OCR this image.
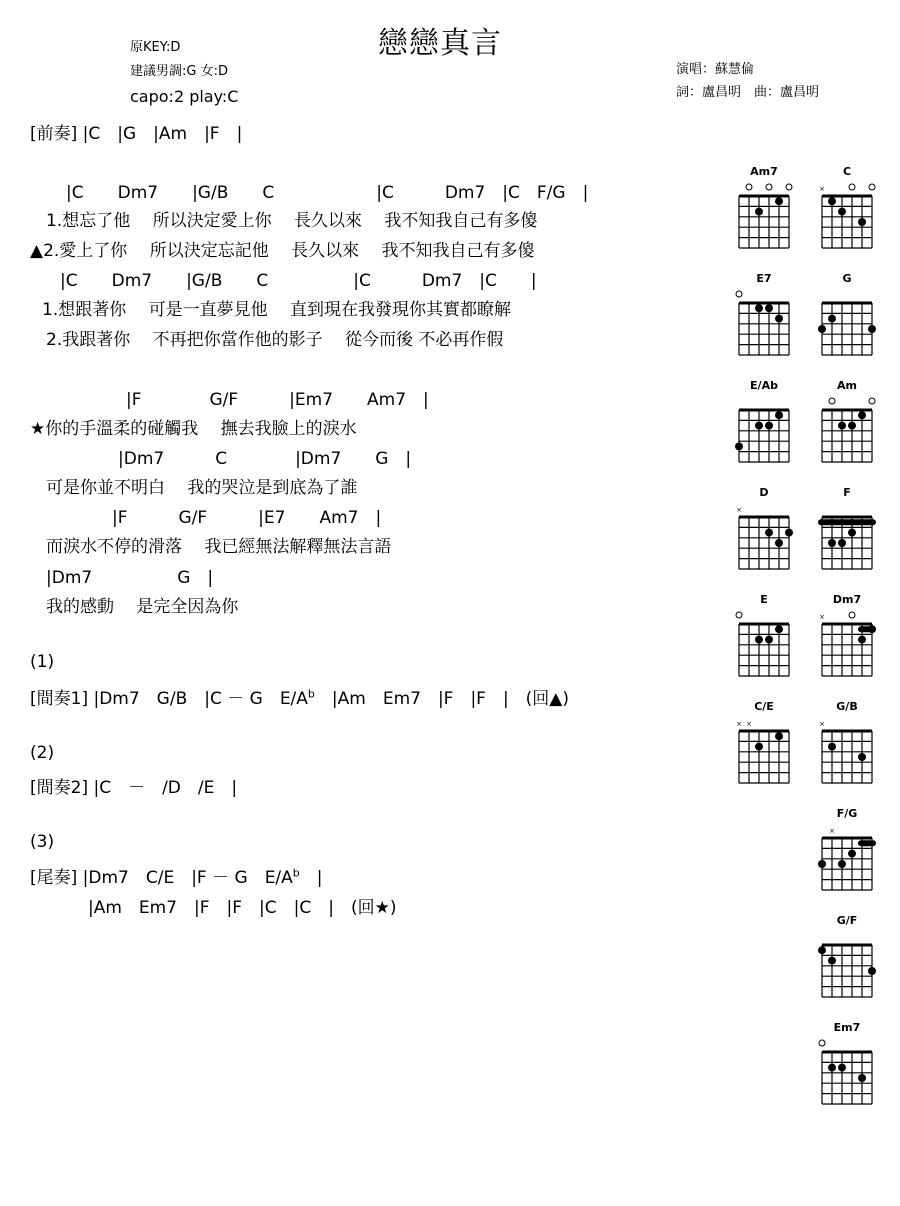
戀戀真言
原KEY:D
建議男調:G 女:D
capo:2 play:C
演唱：蘇慧倫
詞：盧昌明　曲：盧昌明
[前奏] |C　|G　|Am　|F　|
|C　　Dm7　　|G/B　　C　　　　　　|C　　　Dm7　|C　F/G　|
1.想忘了他　 所以決定愛上你　 長久以來　 我不知我自己有多傻
▲2.愛上了你　 所以決定忘記他　 長久以來　 我不知我自己有多傻
|C　　Dm7　　|G/B　　C　　　　　|C　　　Dm7　|C　　|
1.想跟著你　 可是一直夢見他　 直到現在我發現你其實都瞭解
2.我跟著你　 不再把你當作他的影子　 從今而後 不必再作假
|F　　　　G/F　　　|Em7　　Am7　|
★你的手溫柔的碰觸我　 撫去我臉上的淚水
|Dm7　　　C　　　　|Dm7　　G　|
可是你並不明白　 我的哭泣是到底為了誰
|F　　　G/F　　　|E7　　Am7　|
而淚水不停的滑落　 我已經無法解釋無法言語
|Dm7　　　　　G　|
我的感動　 是完全因為你
(1)
[間奏1] |Dm7　G/B　|C － G　$E/A^b$　|Am　Em7　|F　|F　|　(回▲)
(2)
[間奏2] |C　－　/D　/E　|
(3)
[尾奏] |Dm7　C/E　|F － G　$E/A^b$　|
|Am　Em7　|F　|F　|C　|C　|　(回★)
Am7	C
×
E7	G
E/Ab	Am
D
×
F
E	Dm7
×
C/E
× ×
G/B
×
F/G
×
G/F
Em7
